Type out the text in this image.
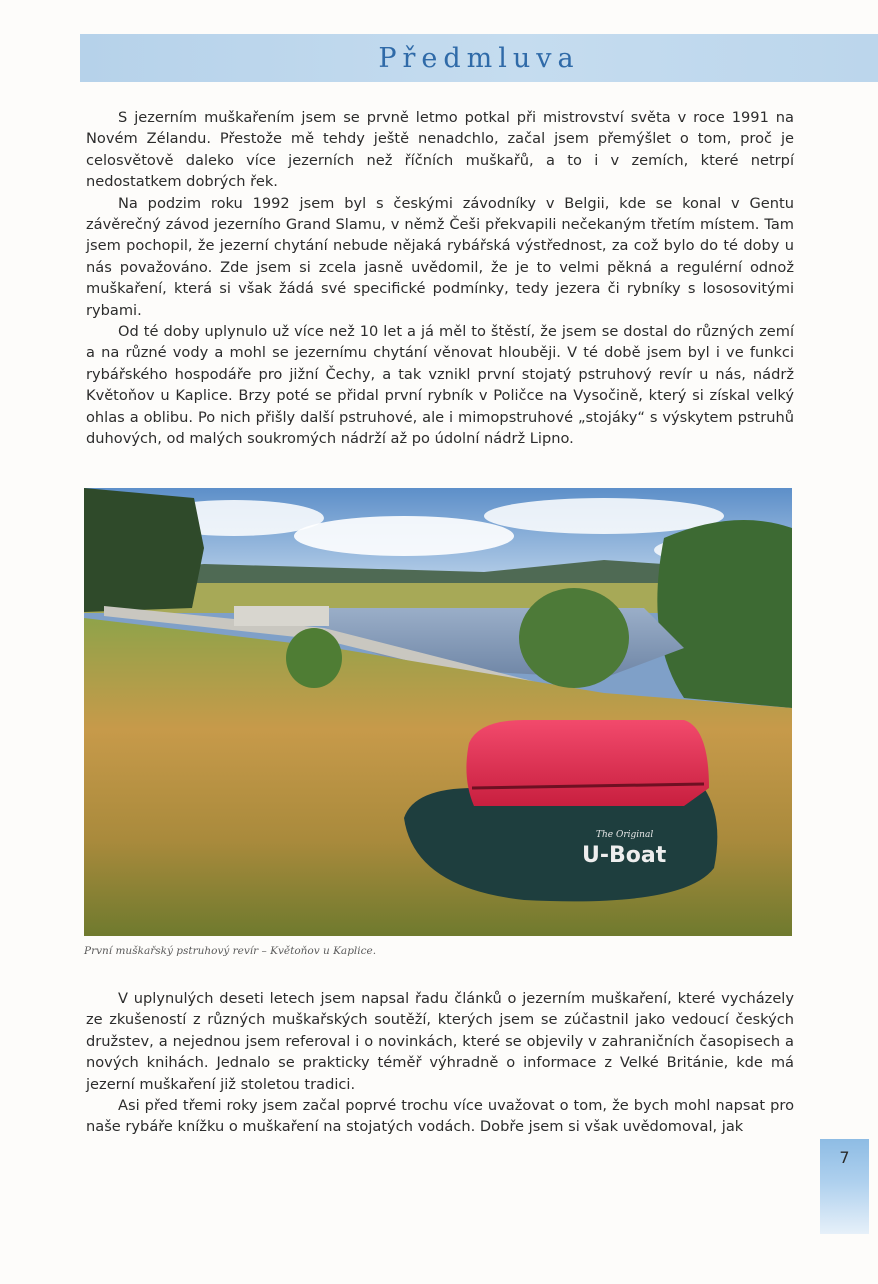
Předmluva

S jezerním muškařením jsem se prvně letmo potkal při mistrovství světa v roce 1991 na Novém Zélandu. Přestože mě tehdy ještě nenadchlo, začal jsem přemýšlet o tom, proč je celosvětově daleko více jezerních než říčních muškařů, a to i v zemích, které netrpí nedostatkem dobrých řek.

Na podzim roku 1992 jsem byl s českými závodníky v Belgii, kde se konal v Gentu závěrečný závod jezerního Grand Slamu, v němž Češi překvapili nečekaným třetím místem. Tam jsem pochopil, že jezerní chytání nebude nějaká rybářská výstřednost, za což bylo do té doby u nás považováno. Zde jsem si zcela jasně uvědomil, že je to velmi pěkná a regulérní odnož muškaření, která si však žádá své specifické podmínky, tedy jezera či rybníky s lososovitými rybami.

Od té doby uplynulo už více než 10 let a já měl to štěstí, že jsem se dostal do různých zemí a na různé vody a mohl se jezernímu chytání věnovat hlouběji. V té době jsem byl i ve funkci rybářského hospodáře pro jižní Čechy, a tak vznikl první stojatý pstruhový revír u nás, nádrž Květoňov u Kaplice. Brzy poté se přidal první rybník v Poličce na Vysočině, který si získal velký ohlas a oblibu. Po nich přišly další pstruhové, ale i mimopstruhové „stojáky“ s výskytem pstruhů duhových, od malých soukromých nádrží až po údolní nádrž Lipno.

The Original
U-Boat

První muškařský pstruhový revír – Květoňov u Kaplice.

V uplynulých deseti letech jsem napsal řadu článků o jezerním muškaření, které vycházely ze zkušeností z různých muškařských soutěží, kterých jsem se zúčastnil jako vedoucí českých družstev, a nejednou jsem referoval i o novinkách, které se objevily v zahraničních časopisech a nových knihách. Jednalo se prakticky téměř výhradně o informace z Velké Británie, kde má jezerní muškaření již stoletou tradici.

Asi před třemi roky jsem začal poprvé trochu více uvažovat o tom, že bych mohl napsat pro naše rybáře knížku o muškaření na stojatých vodách. Dobře jsem si však uvědomoval, jak

7
